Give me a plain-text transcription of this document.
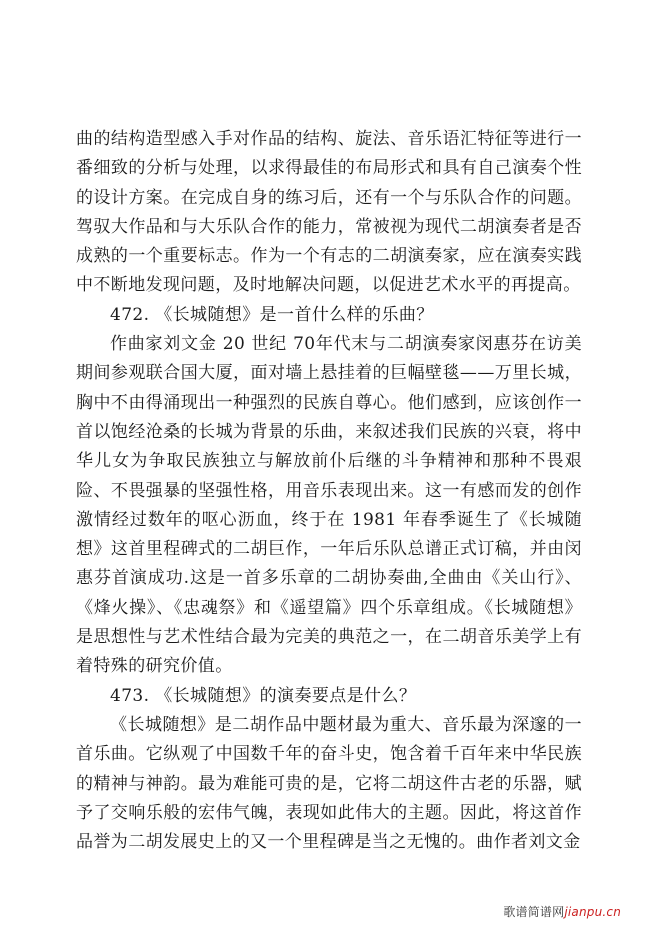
曲的结构造型感入手对作品的结构、旋法、音乐语汇特征等进行一番细致的分析与处理，以求得最佳的布局形式和具有自己演奏个性的设计方案。在完成自身的练习后，还有一个与乐队合作的问题。驾驭大作品和与大乐队合作的能力，常被视为现代二胡演奏者是否成熟的一个重要标志。作为一个有志的二胡演奏家，应在演奏实践中不断地发现问题，及时地解决问题，以促进艺术水平的再提高。

472. 《长城随想》是一首什么样的乐曲？

作曲家刘文金 20 世纪 70年代末与二胡演奏家闵惠芬在访美期间参观联合国大厦，面对墙上悬挂着的巨幅壁毯——万里长城，胸中不由得涌现出一种强烈的民族自尊心。他们感到，应该创作一首以饱经沧桑的长城为背景的乐曲，来叙述我们民族的兴衰，将中华儿女为争取民族独立与解放前仆后继的斗争精神和那种不畏艰险、不畏强暴的坚强性格，用音乐表现出来。这一有感而发的创作激情经过数年的呕心沥血，终于在 1981 年春季诞生了《长城随想》这首里程碑式的二胡巨作，一年后乐队总谱正式订稿，并由闵惠芬首演成功.这是一首多乐章的二胡协奏曲,全曲由《关山行》、《烽火操》、《忠魂祭》和《遥望篇》四个乐章组成。《长城随想》是思想性与艺术性结合最为完美的典范之一，在二胡音乐美学上有着特殊的研究价值。

473. 《长城随想》的演奏要点是什么？

《长城随想》是二胡作品中题材最为重大、音乐最为深邃的一首乐曲。它纵观了中国数千年的奋斗史，饱含着千百年来中华民族的精神与神韵。最为难能可贵的是，它将二胡这件古老的乐器，赋予了交响乐般的宏伟气魄，表现如此伟大的主题。因此，将这首作品誉为二胡发展史上的又一个里程碑是当之无愧的。曲作者刘文金

歌谱简谱网jianpu.cn
